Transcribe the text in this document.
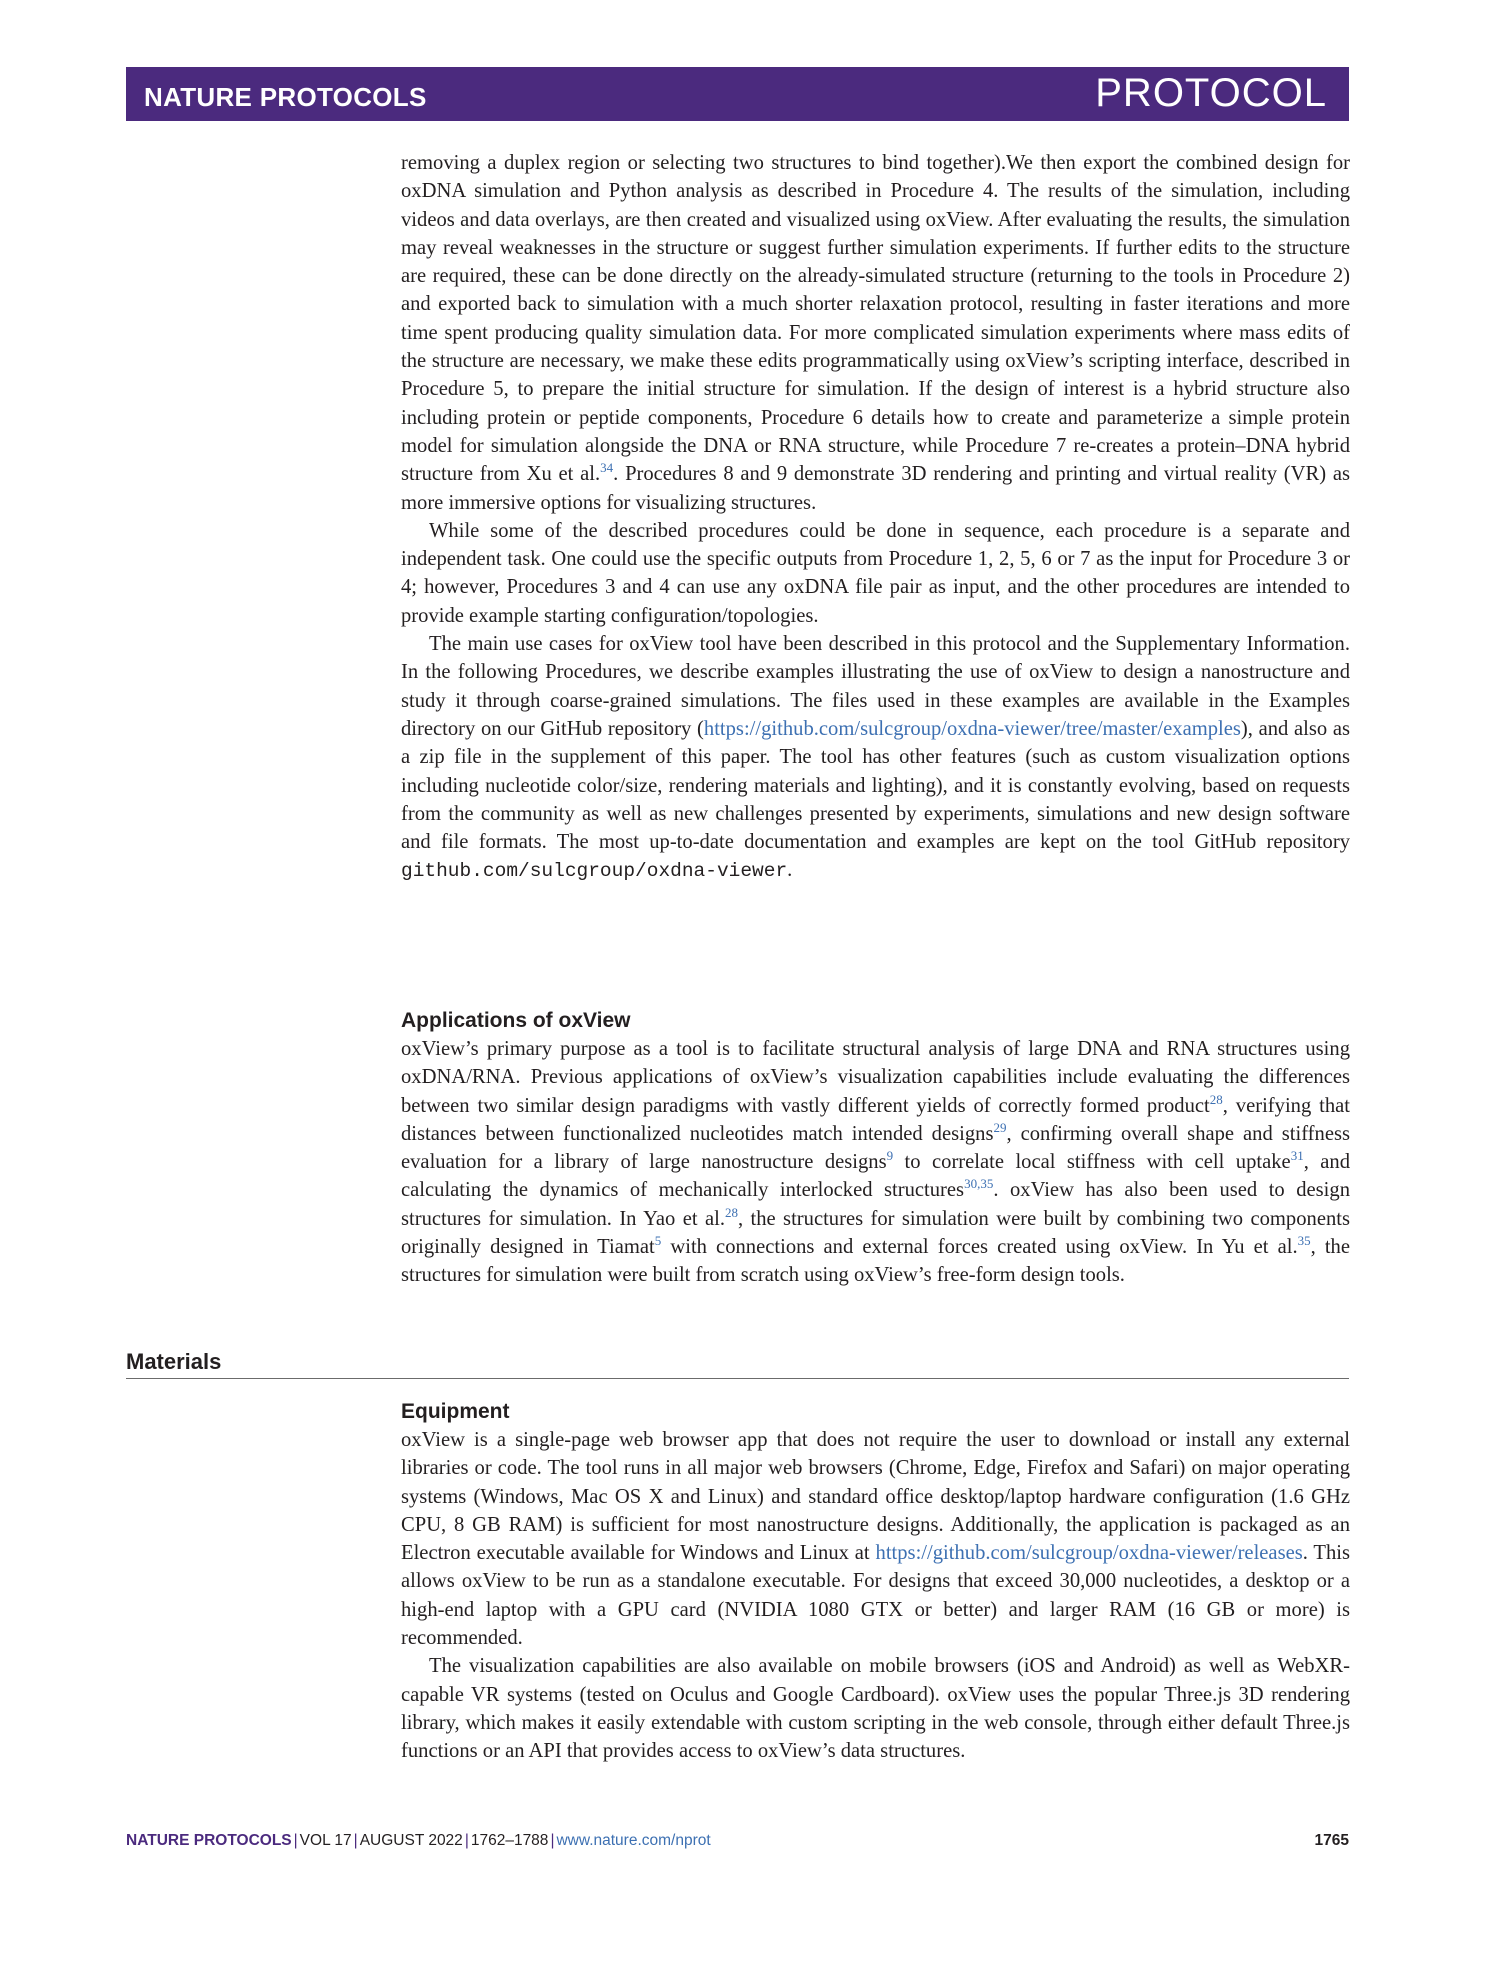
NATURE PROTOCOLS	PROTOCOL

removing a duplex region or selecting two structures to bind together).We then export the combined design for oxDNA simulation and Python analysis as described in Procedure 4. The results of the simulation, including videos and data overlays, are then created and visualized using oxView. After evaluating the results, the simulation may reveal weaknesses in the structure or suggest further simulation experiments. If further edits to the structure are required, these can be done directly on the already-simulated structure (returning to the tools in Procedure 2) and exported back to simulation with a much shorter relaxation protocol, resulting in faster iterations and more time spent producing quality simulation data. For more complicated simulation experiments where mass edits of the structure are necessary, we make these edits programmatically using oxView’s scripting interface, described in Procedure 5, to prepare the initial structure for simulation. If the design of interest is a hybrid structure also including protein or peptide components, Procedure 6 details how to create and parameterize a simple protein model for simulation alongside the DNA or RNA structure, while Procedure 7 re-creates a protein–DNA hybrid structure from Xu et al.$^{34}$. Procedures 8 and 9 demonstrate 3D rendering and printing and virtual reality (VR) as more immersive options for visualizing structures.

While some of the described procedures could be done in sequence, each procedure is a separate and independent task. One could use the specific outputs from Procedure 1, 2, 5, 6 or 7 as the input for Procedure 3 or 4; however, Procedures 3 and 4 can use any oxDNA file pair as input, and the other procedures are intended to provide example starting configuration/topologies.

The main use cases for oxView tool have been described in this protocol and the Supplementary Information. In the following Procedures, we describe examples illustrating the use of oxView to design a nanostructure and study it through coarse-grained simulations. The files used in these examples are available in the Examples directory on our GitHub repository (https://github.com/sulcgroup/oxdna-viewer/tree/master/examples), and also as a zip file in the supplement of this paper. The tool has other features (such as custom visualization options including nucleotide color/size, rendering materials and lighting), and it is constantly evolving, based on requests from the community as well as new challenges presented by experiments, simulations and new design software and file formats. The most up-to-date documentation and examples are kept on the tool GitHub repository github.com/sulcgroup/oxdna-viewer.

Applications of oxView

oxView’s primary purpose as a tool is to facilitate structural analysis of large DNA and RNA structures using oxDNA/RNA. Previous applications of oxView’s visualization capabilities include evaluating the differences between two similar design paradigms with vastly different yields of correctly formed product$^{28}$, verifying that distances between functionalized nucleotides match intended designs$^{29}$, confirming overall shape and stiffness evaluation for a library of large nanostructure designs$^9$ to correlate local stiffness with cell uptake$^{31}$, and calculating the dynamics of mechanically interlocked structures$^{30,35}$. oxView has also been used to design structures for simulation. In Yao et al.$^{28}$, the structures for simulation were built by combining two components originally designed in Tiamat$^5$ with connections and external forces created using oxView. In Yu et al.$^{35}$, the structures for simulation were built from scratch using oxView’s free-form design tools.

Materials
Equipment

oxView is a single-page web browser app that does not require the user to download or install any external libraries or code. The tool runs in all major web browsers (Chrome, Edge, Firefox and Safari) on major operating systems (Windows, Mac OS X and Linux) and standard office desktop/laptop hardware configuration (1.6 GHz CPU, 8 GB RAM) is sufficient for most nanostructure designs. Additionally, the application is packaged as an Electron executable available for Windows and Linux at https://github.com/sulcgroup/oxdna-viewer/releases. This allows oxView to be run as a standalone executable. For designs that exceed 30,000 nucleotides, a desktop or a high-end laptop with a GPU card (NVIDIA 1080 GTX or better) and larger RAM (16 GB or more) is recommended.

The visualization capabilities are also available on mobile browsers (iOS and Android) as well as WebXR-capable VR systems (tested on Oculus and Google Cardboard). oxView uses the popular Three.js 3D rendering library, which makes it easily extendable with custom scripting in the web console, through either default Three.js functions or an API that provides access to oxView’s data structures.

NATURE PROTOCOLS | VOL 17 | AUGUST 2022 | 1762–1788 | www.nature.com/nprot	1765
